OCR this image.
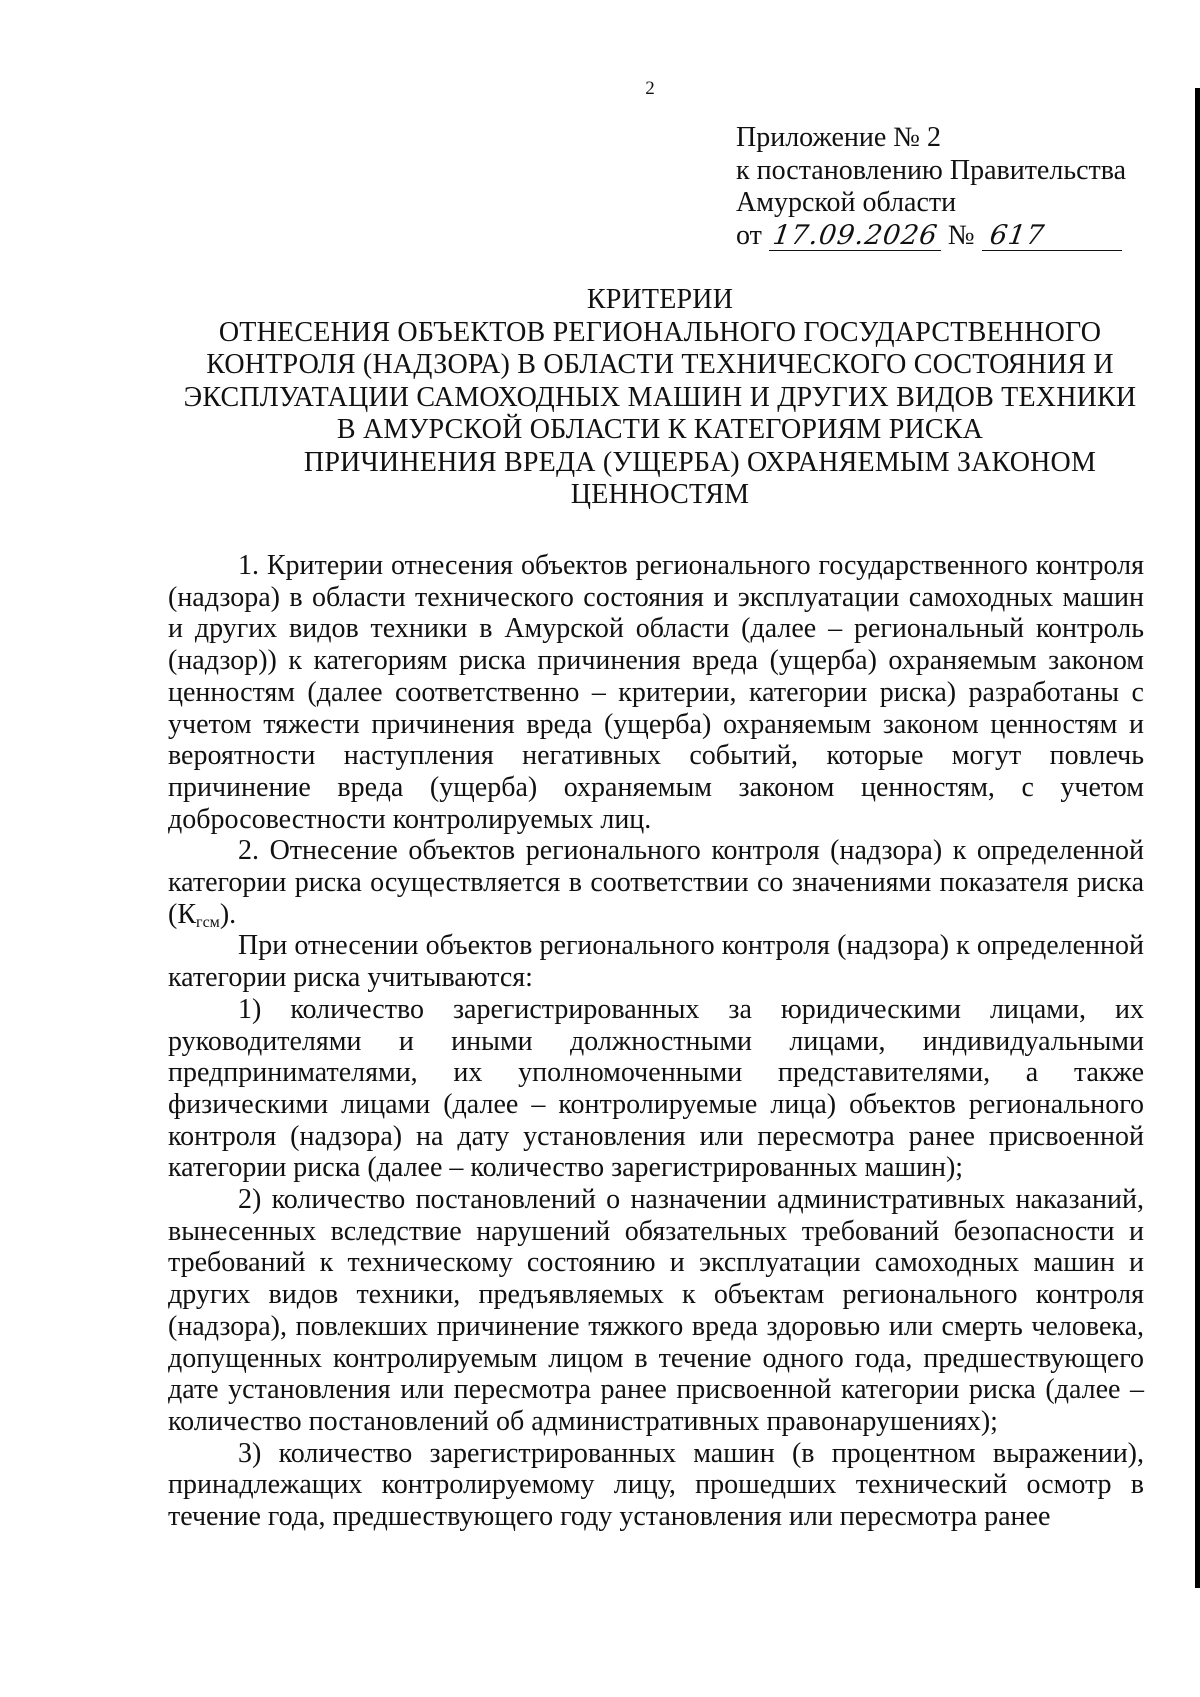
2
Приложение № 2
к постановлению Правительства
Амурской области
от 17.09.2026 № 617
КРИТЕРИИ
ОТНЕСЕНИЯ ОБЪЕКТОВ РЕГИОНАЛЬНОГО ГОСУДАРСТВЕННОГО
КОНТРОЛЯ (НАДЗОРА) В ОБЛАСТИ ТЕХНИЧЕСКОГО СОСТОЯНИЯ И
ЭКСПЛУАТАЦИИ САМОХОДНЫХ МАШИН И ДРУГИХ ВИДОВ ТЕХНИКИ
В АМУРСКОЙ ОБЛАСТИ К КАТЕГОРИЯМ РИСКА
ПРИЧИНЕНИЯ ВРЕДА (УЩЕРБА) ОХРАНЯЕМЫМ ЗАКОНОМ
ЦЕННОСТЯМ

1. Критерии отнесения объектов регионального государственного контроля (надзора) в области технического состояния и эксплуатации самоходных машин и других видов техники в Амурской области (далее – региональный контроль (надзор)) к категориям риска причинения вреда (ущерба) охраняемым законом ценностям (далее соответственно – критерии, категории риска) разработаны с учетом тяжести причинения вреда (ущерба) охраняемым законом ценностям и вероятности наступления негативных событий, которые могут повлечь причинение вреда (ущерба) охраняемым законом ценностям, с учетом добросовестности контролируемых лиц.

2. Отнесение объектов регионального контроля (надзора) к определенной категории риска осуществляется в соответствии со значениями показателя риска $(К_{гсм})$.

При отнесении объектов регионального контроля (надзора) к определенной категории риска учитываются:

1) количество зарегистрированных за юридическими лицами, их руководителями и иными должностными лицами, индивидуальными предпринимателями, их уполномоченными представителями, а также физическими лицами (далее – контролируемые лица) объектов регионального контроля (надзора) на дату установления или пересмотра ранее присвоенной категории риска (далее – количество зарегистрированных машин);

2) количество постановлений о назначении административных наказаний, вынесенных вследствие нарушений обязательных требований безопасности и требований к техническому состоянию и эксплуатации самоходных машин и других видов техники, предъявляемых к объектам регионального контроля (надзора), повлекших причинение тяжкого вреда здоровью или смерть человека, допущенных контролируемым лицом в течение одного года, предшествующего дате установления или пересмотра ранее присвоенной категории риска (далее – количество постановлений об административных правонарушениях);

3) количество зарегистрированных машин (в процентном выражении), принадлежащих контролируемому лицу, прошедших технический осмотр в течение года, предшествующего году установления или пересмотра ранее
